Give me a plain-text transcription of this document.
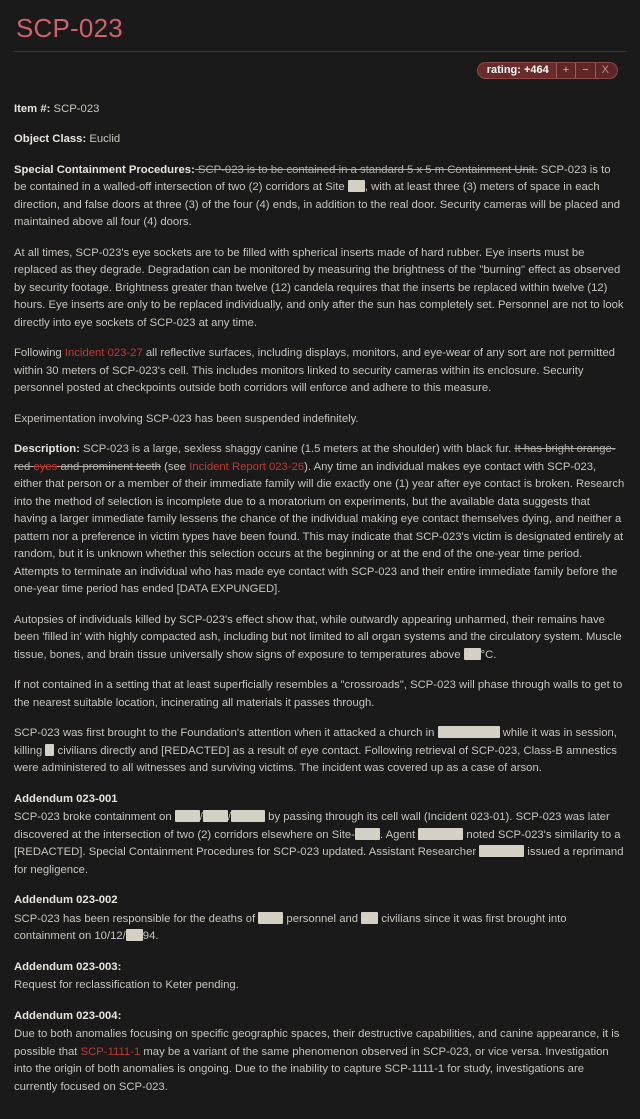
SCP-023
rating: +464	+	−	X

Item #: SCP-023

Object Class: Euclid

Special Containment Procedures: SCP-023 is to be contained in a standard 5 x 5 m Containment Unit. SCP-023 is to be contained in a walled-off intersection of two (2) corridors at Site , with at least three (3) meters of space in each direction, and false doors at three (3) of the four (4) ends, in addition to the real door. Security cameras will be placed and maintained above all four (4) doors.

At all times, SCP-023's eye sockets are to be filled with spherical inserts made of hard rubber. Eye inserts must be replaced as they degrade. Degradation can be monitored by measuring the brightness of the "burning" effect as observed by security footage. Brightness greater than twelve (12) candela requires that the inserts be replaced within twelve (12) hours. Eye inserts are only to be replaced individually, and only after the sun has completely set. Personnel are not to look directly into eye sockets of SCP-023 at any time.

Following Incident 023-27 all reflective surfaces, including displays, monitors, and eye-wear of any sort are not permitted within 30 meters of SCP-023's cell. This includes monitors linked to security cameras within its enclosure. Security personnel posted at checkpoints outside both corridors will enforce and adhere to this measure.

Experimentation involving SCP-023 has been suspended indefinitely.

Description: SCP-023 is a large, sexless shaggy canine (1.5 meters at the shoulder) with black fur. It has bright orange-red eyes and prominent teeth (see Incident Report 023-26). Any time an individual makes eye contact with SCP-023, either that person or a member of their immediate family will die exactly one (1) year after eye contact is broken. Research into the method of selection is incomplete due to a moratorium on experiments, but the available data suggests that having a larger immediate family lessens the chance of the individual making eye contact themselves dying, and neither a pattern nor a preference in victim types have been found. This may indicate that SCP-023's victim is designated entirely at random, but it is unknown whether this selection occurs at the beginning or at the end of the one-year time period. Attempts to terminate an individual who has made eye contact with SCP-023 and their entire immediate family before the one-year time period has ended [DATA EXPUNGED].

Autopsies of individuals killed by SCP-023's effect show that, while outwardly appearing unharmed, their remains have been 'filled in' with highly compacted ash, including but not limited to all organ systems and the circulatory system. Muscle tissue, bones, and brain tissue universally show signs of exposure to temperatures above °C.

If not contained in a setting that at least superficially resembles a "crossroads", SCP-023 will phase through walls to get to the nearest suitable location, incinerating all materials it passes through.

SCP-023 was first brought to the Foundation's attention when it attacked a church in	while it was in session, killing  civilians directly and [REDACTED] as a result of eye contact. Following retrieval of SCP-023, Class-B amnestics were administered to all witnesses and surviving victims. The incident was covered up as a case of arson.

Addendum 023-001

SCP-023 broke containment on / /	by passing through its cell wall (Incident 023-01). SCP-023 was later discovered at the intersection of two (2) corridors elsewhere on Site- . Agent	noted SCP-023's similarity to a [REDACTED]. Special Containment Procedures for SCP-023 updated. Assistant Researcher	issued a reprimand for negligence.

Addendum 023-002

SCP-023 has been responsible for the deaths of  personnel and  civilians since it was first brought into containment on 10/12/ 94.

Addendum 023-003:

Request for reclassification to Keter pending.

Addendum 023-004:

Due to both anomalies focusing on specific geographic spaces, their destructive capabilities, and canine appearance, it is possible that SCP-1111-1 may be a variant of the same phenomenon observed in SCP-023, or vice versa. Investigation into the origin of both anomalies is ongoing. Due to the inability to capture SCP-1111-1 for study, investigations are currently focused on SCP-023.
